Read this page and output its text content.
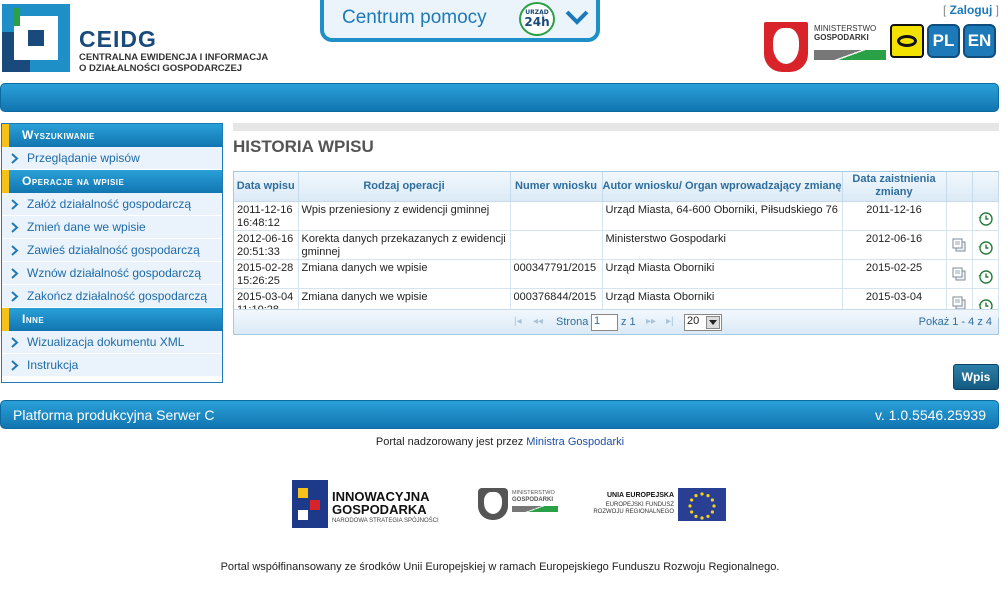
CEIDG
CENTRALNA EWIDENCJA I INFORMACJA
O DZIAŁALNOŚCI GOSPODARCZEJ
Centrum pomocy	URZĄD
24h
[ Zaloguj ]
MINISTERSTWO
GOSPODARKI	PL EN
Wyszukiwanie
Przeglądanie wpisów
Operacje na wpisie
Załóż działalność gospodarczą
Zmień dane we wpisie
Zawieś działalność gospodarczą
Wznów działalność gospodarczą
Zakończ działalność gospodarczą
Inne
Wizualizacja dokumentu XML
Instrukcja
HISTORIA WPISU
Data wpisu	Rodzaj operacji	Numer wniosku	Autor wniosku/ Organ wprowadzający zmianę	Data zaistnienia zmiany		
2011-12-16 16:48:12	Wpis przeniesiony z ewidencji gminnej		Urząd Miasta, 64-600 Oborniki, Piłsudskiego 76	2011-12-16		

2012-06-16 20:51:33	Korekta danych przekazanych z ewidencji gminnej		Ministerstwo Gospodarki	2012-06-16	

2015-02-28 15:26:25	Zmiana danych we wpisie	000347791/2015	Urząd Miasta Oborniki	2015-02-25	

2015-03-04	Zmiana danych we wpisie	000376844/2015	Urząd Miasta Oborniki	2015-03-04	

|◂ ◂◂ Strona 1	z 1 ▸▸ ▸| 20	Pokaż 1 - 4 z 4
Wpis
Platforma produkcyjna Serwer C	v. 1.0.5546.25939
Portal nadzorowany jest przez Ministra Gospodarki
INNOWACYJNA
GOSPODARKA
NARODOWA STRATEGIA SPÓJNOŚCI
MINISTERSTWO
GOSPODARKI
UNIA EUROPEJSKA
EUROPEJSKI FUNDUSZ
ROZWOJU REGIONALNEGO
Portal współfinansowany ze środków Unii Europejskiej w ramach Europejskiego Funduszu Rozwoju Regionalnego.
